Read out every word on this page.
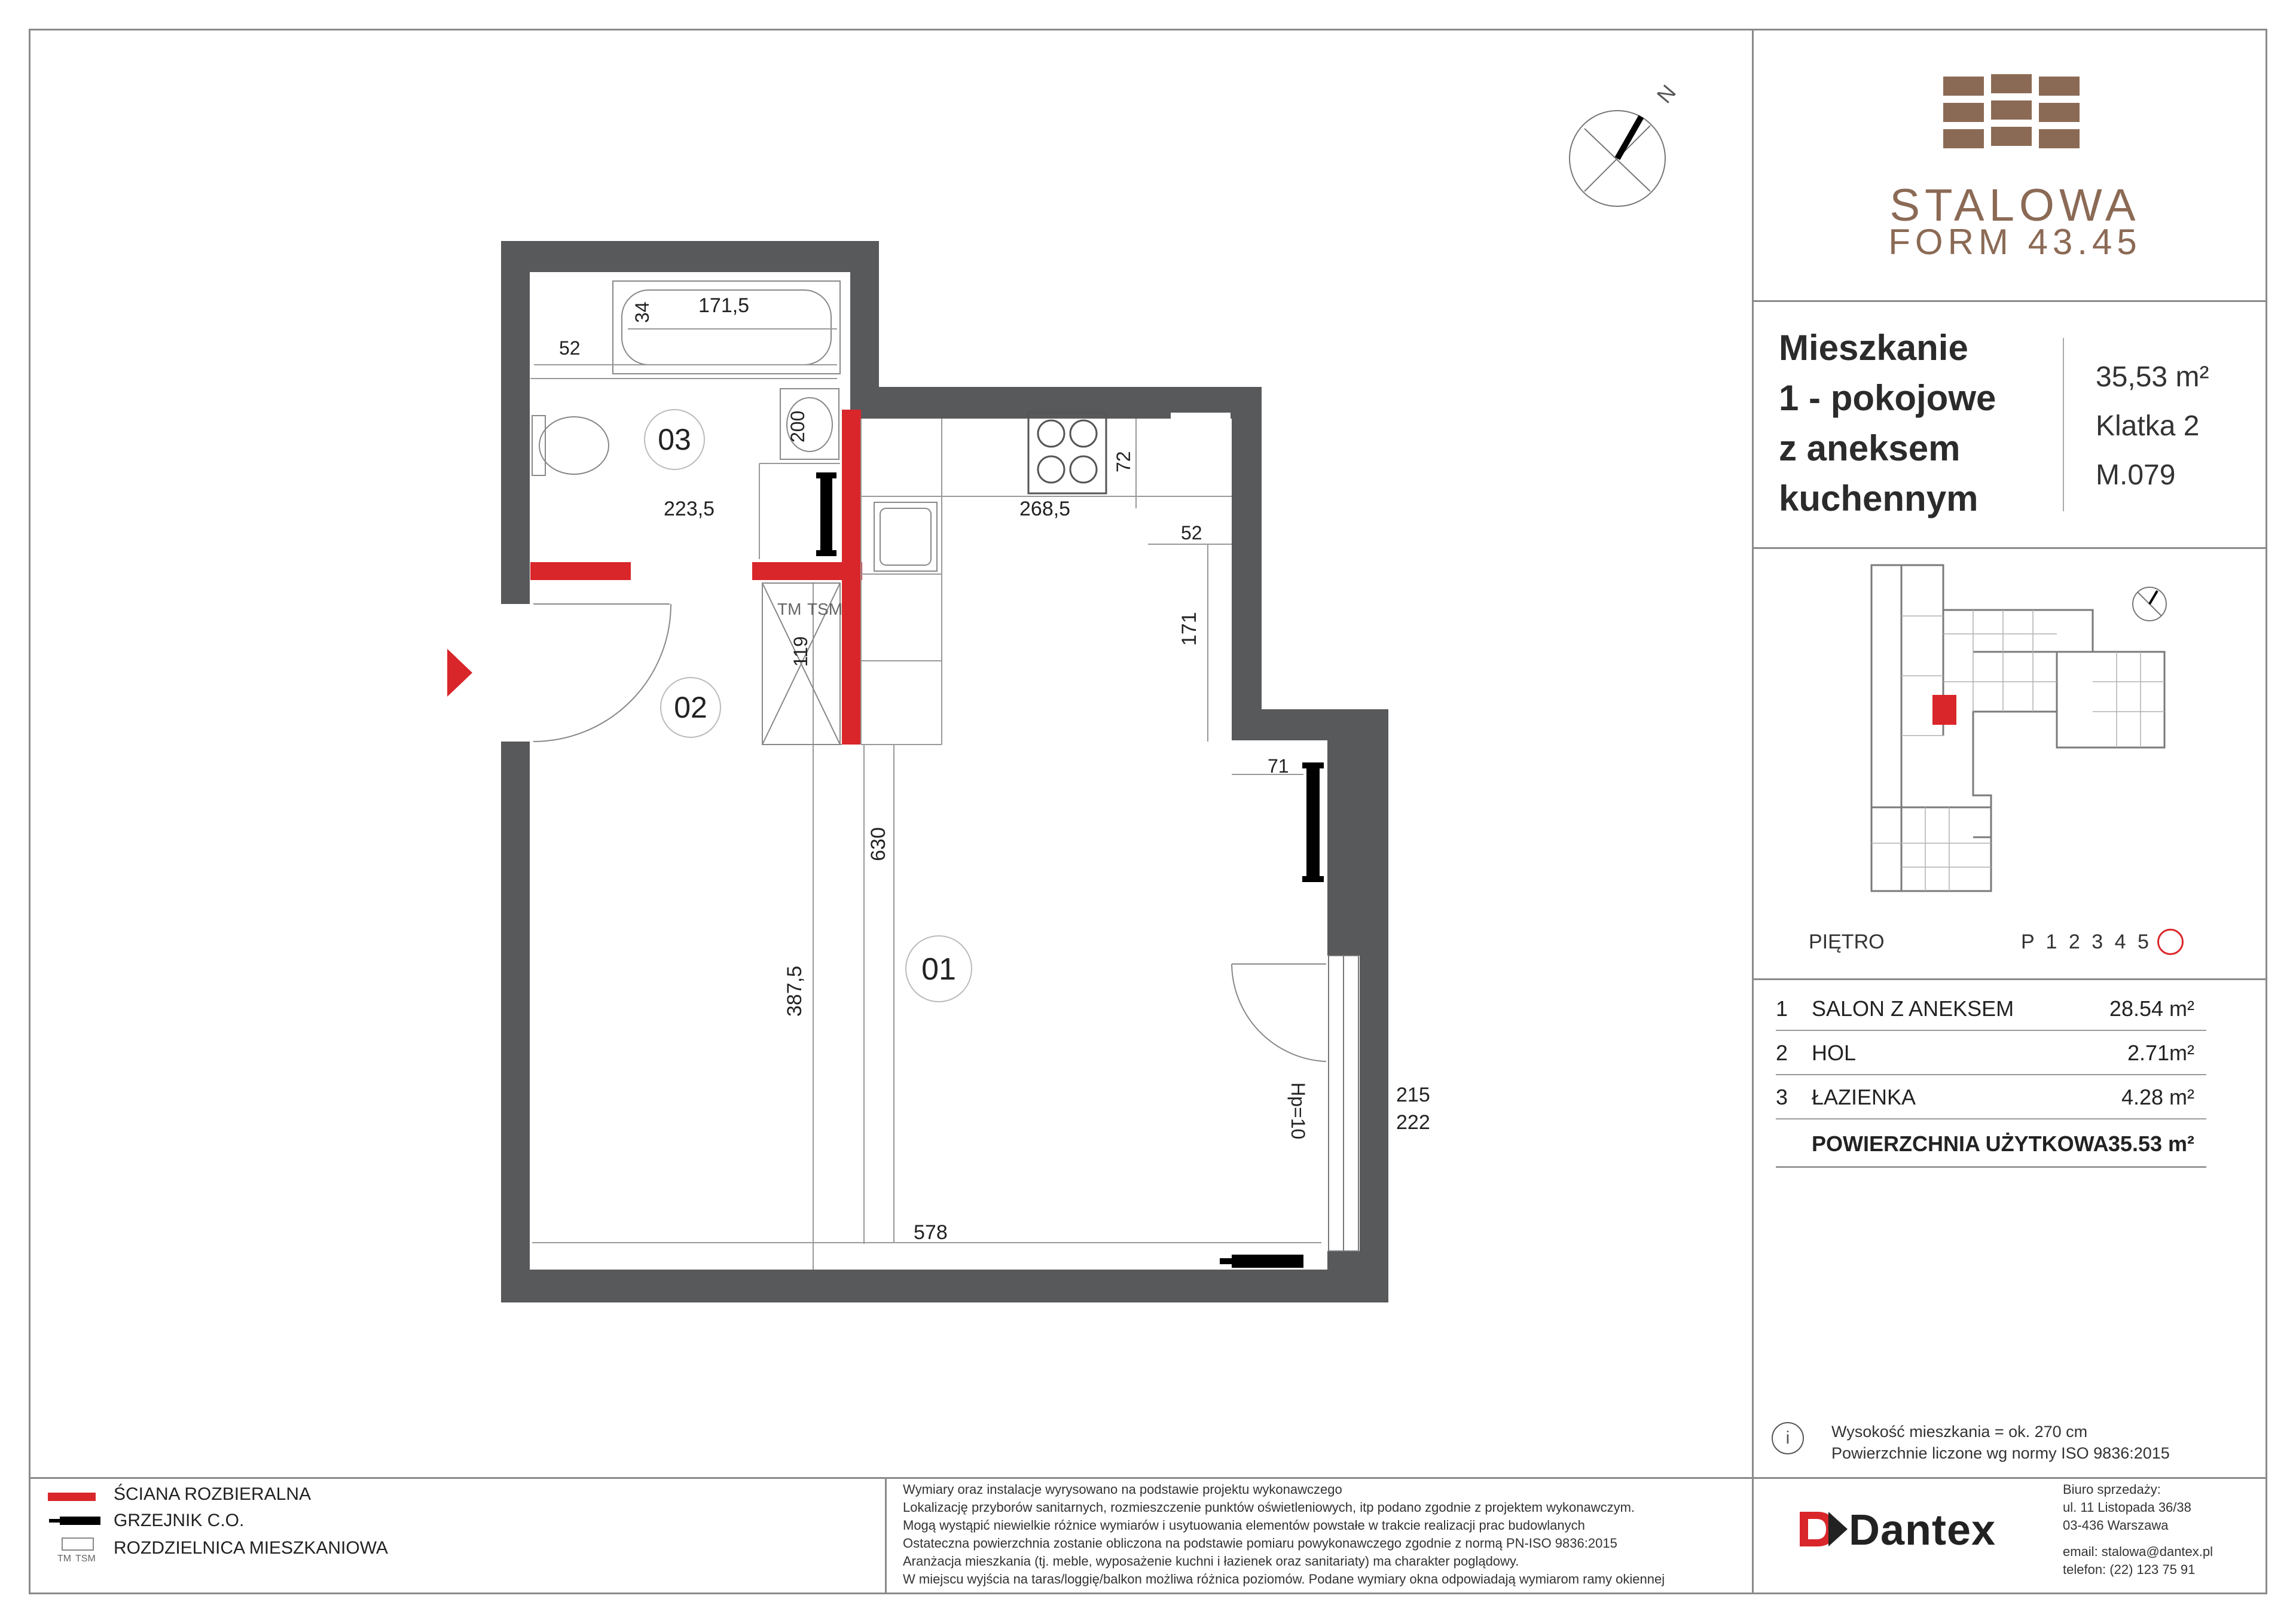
TM TSM
52
171,5
34
200
72
223,5	268,5
52
171
119
71
630
387,5
215
222
578
Hp=10
03
02
01
N
STALOWA
FORM 43.45
Mieszkanie
1 - pokojowe
z aneksem
kuchennym
35,53 m²
Klatka 2
M.079
PIĘTRO	P 1 2 3 4 5
1 SALON Z ANEKSEM	28.54 m²
2 HOL	2.71m²
3 ŁAZIENKA	4.28 m²
POWIERZCHNIA UŻYTKOWA 35.53 m²
i	Wysokość mieszkania = ok. 270 cm
Powierzchnie liczone wg normy ISO 9836:2015
ŚCIANA ROZBIERALNA
GRZEJNIK C.O.
TM TSM
ROZDZIELNICA MIESZKANIOWA
Wymiary oraz instalacje wyrysowano na podstawie projektu wykonawczego
Lokalizację przyborów sanitarnych, rozmieszczenie punktów oświetleniowych, itp podano zgodnie z projektem wykonawczym.
Mogą wystąpić niewielkie różnice wymiarów i usytuowania elementów powstałe w trakcie realizacji prac budowlanych
Ostateczna powierzchnia zostanie obliczona na podstawie pomiaru powykonawczego zgodnie z normą PN-ISO 9836:2015
Aranżacja mieszkania (tj. meble, wyposażenie kuchni i łazienek oraz sanitariaty) ma charakter poglądowy.
W miejscu wyjścia na taras/loggię/balkon możliwa różnica poziomów. Podane wymiary okna odpowiadają wymiarom ramy okiennej
Dantex
Biuro sprzedaży:
ul. 11 Listopada 36/38
03-436 Warszawa
email: stalowa@dantex.pl
telefon: (22) 123 75 91
